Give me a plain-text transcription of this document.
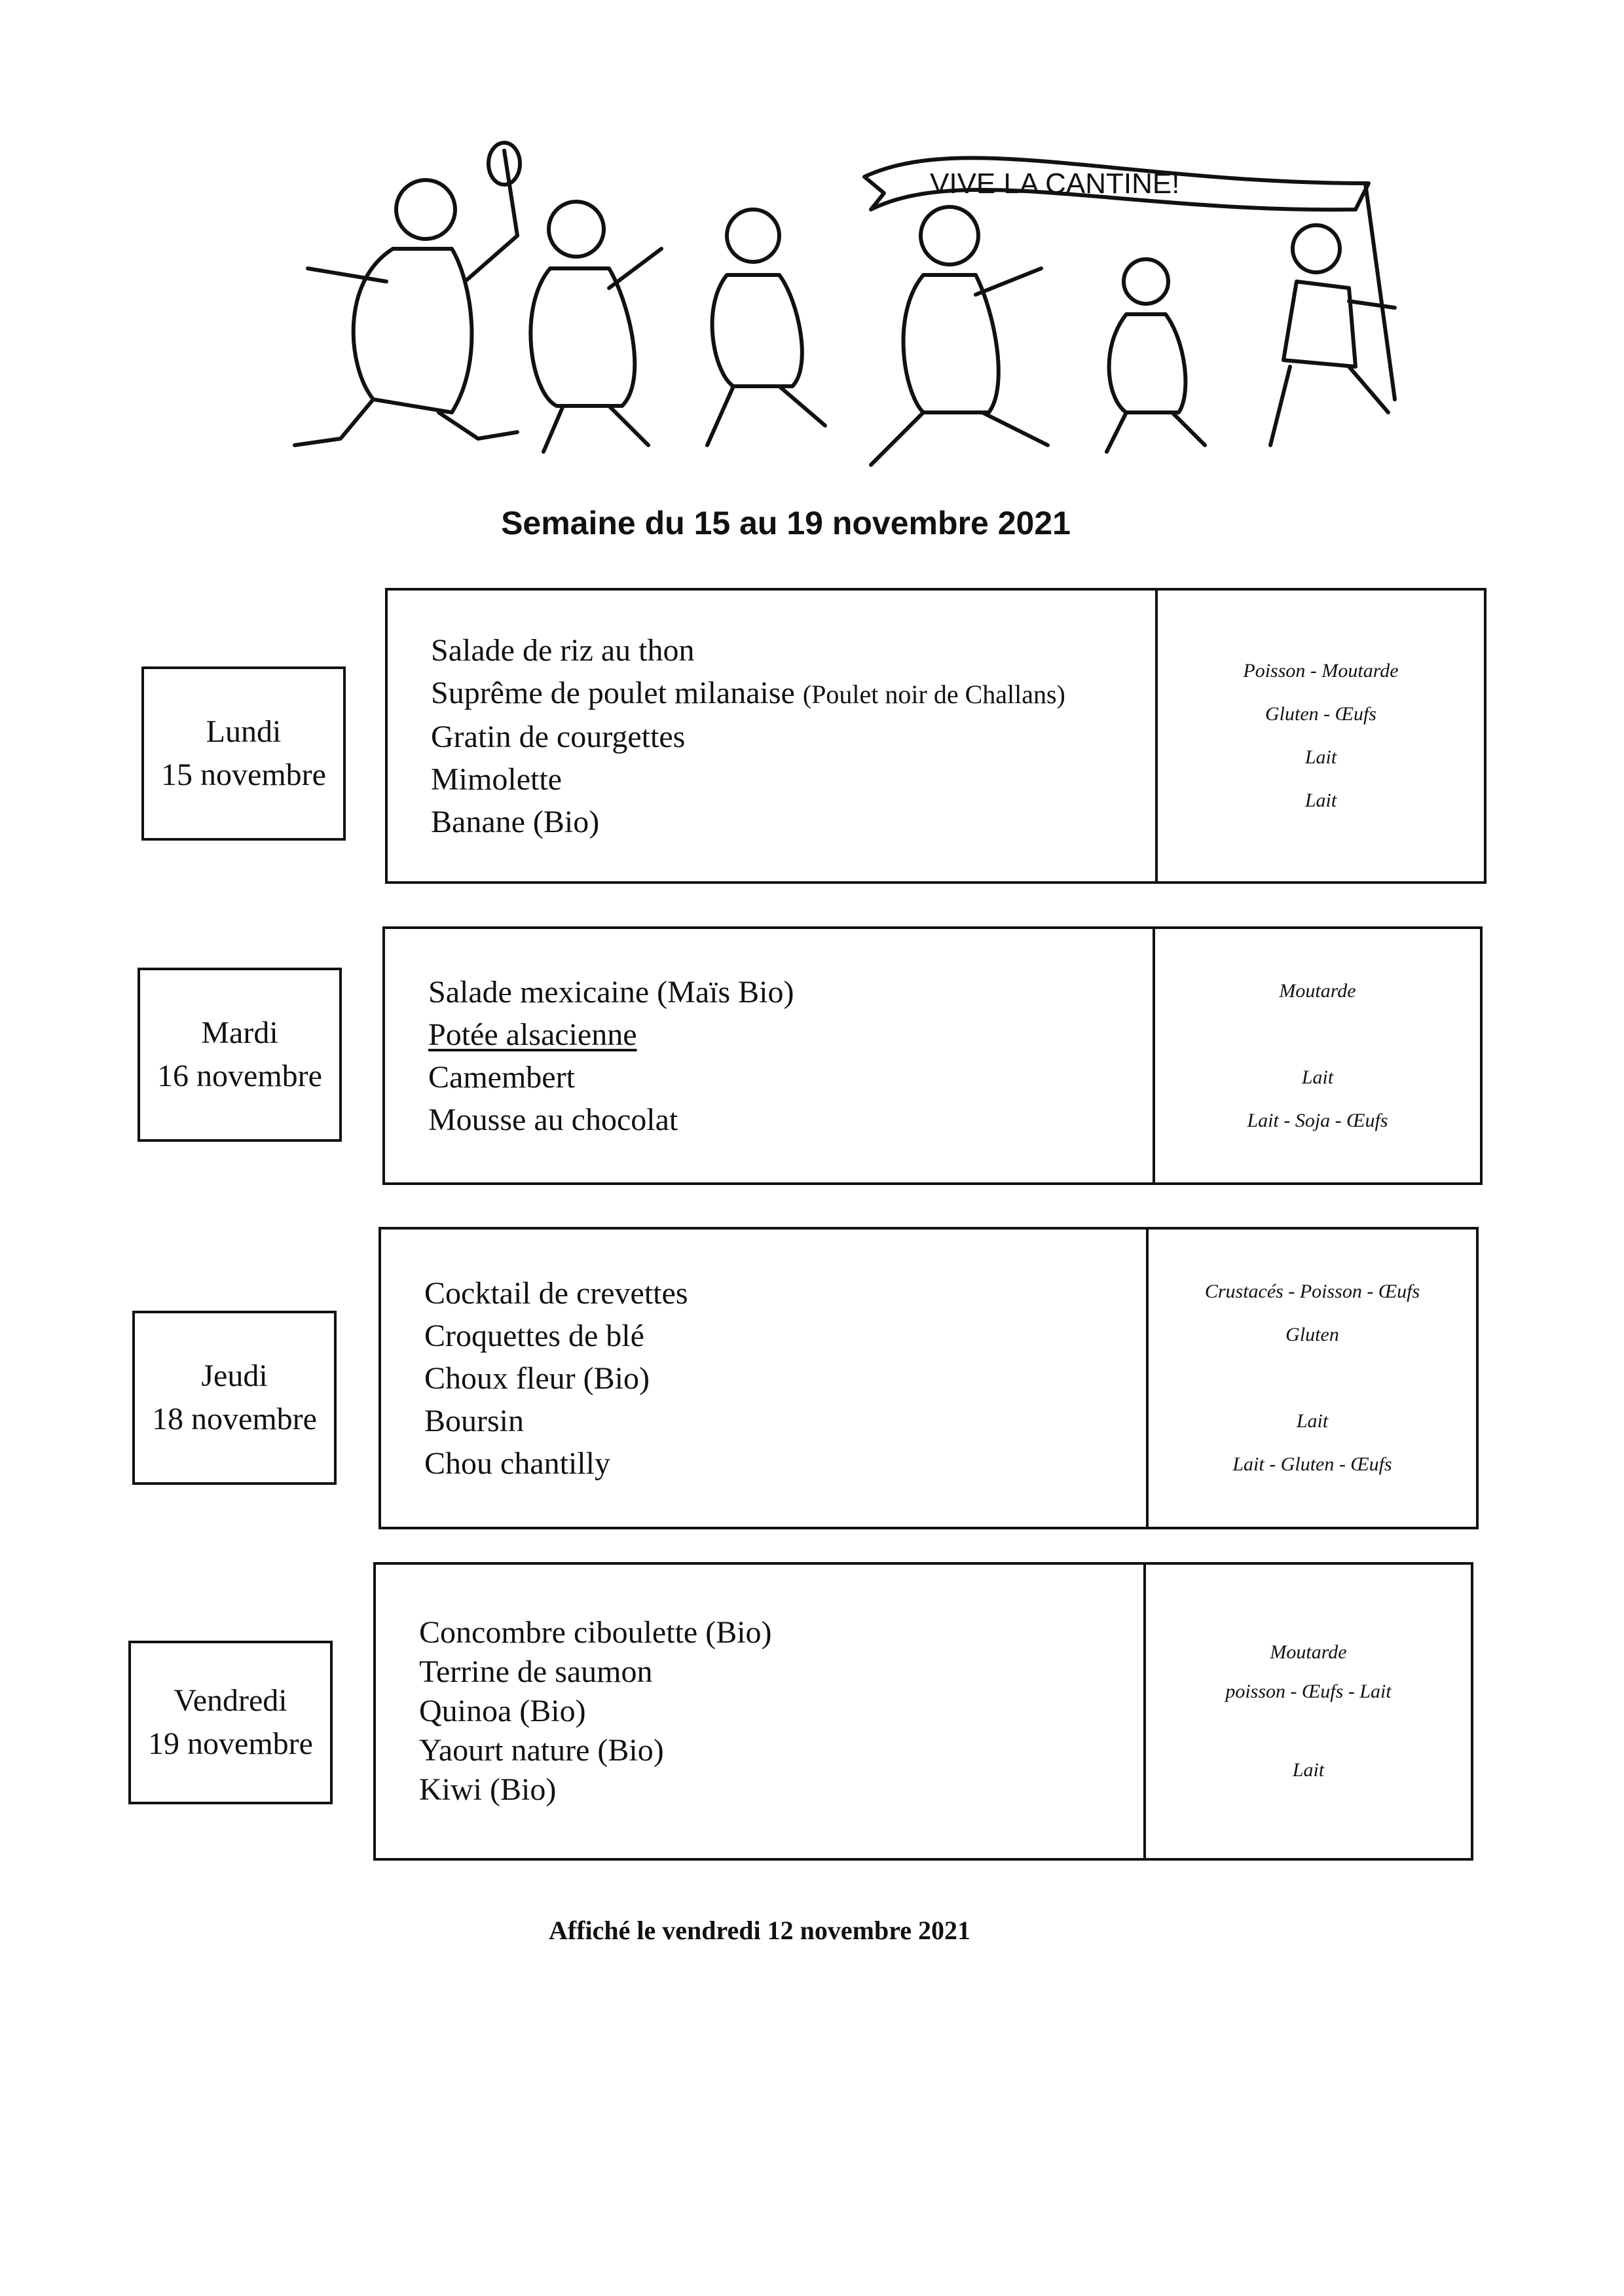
VIVE LA CANTINE!
Semaine du 15 au 19 novembre 2021
Lundi
15 novembre
Salade de riz au thon
Suprême de poulet milanaise (Poulet noir de Challans)
Gratin de courgettes
Mimolette
Banane (Bio)
Poisson - Moutarde
Gluten - Œufs
Lait
Lait
Mardi
16 novembre
Salade mexicaine (Maïs Bio)
Potée alsacienne
Camembert
Mousse au chocolat
Moutarde
Lait
Lait - Soja - Œufs
Jeudi
18 novembre
Cocktail de crevettes
Croquettes de blé
Choux fleur (Bio)
Boursin
Chou chantilly
Crustacés - Poisson - Œufs
Gluten
Lait
Lait - Gluten - Œufs
Vendredi
19 novembre
Concombre ciboulette (Bio)
Terrine de saumon
Quinoa (Bio)
Yaourt nature (Bio)
Kiwi (Bio)
Moutarde
poisson - Œufs - Lait
Lait
Affiché le vendredi 12 novembre 2021
